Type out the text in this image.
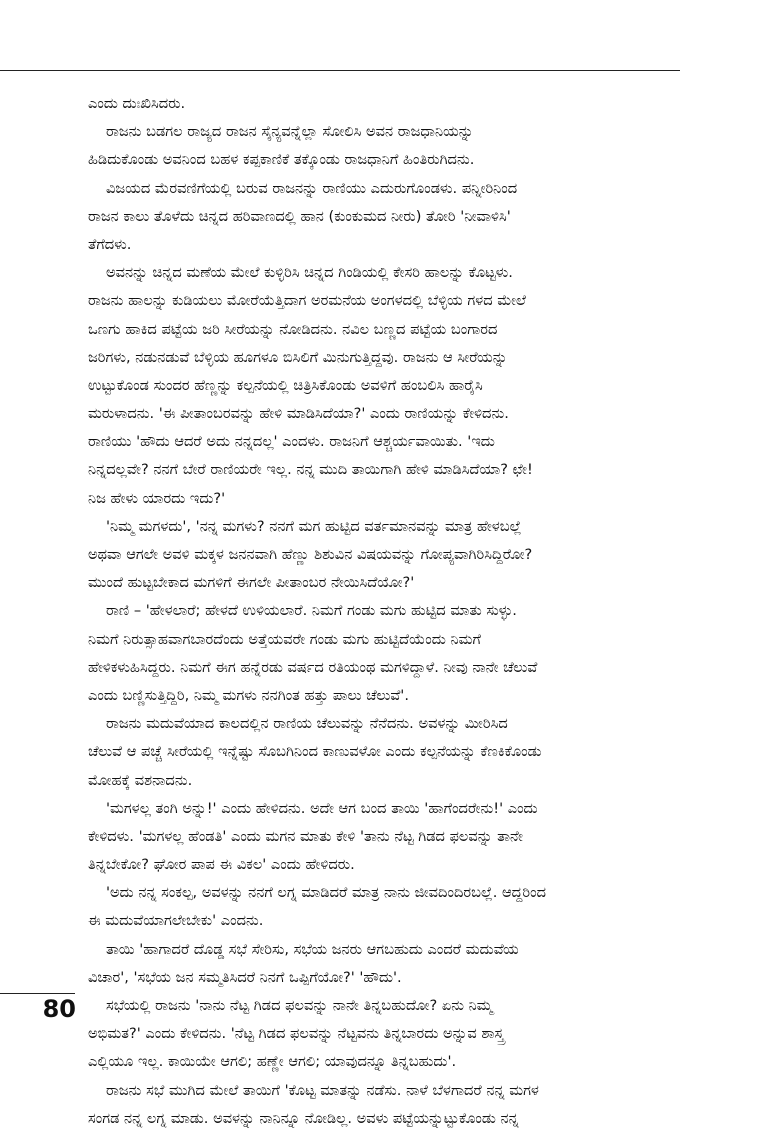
ಎಂದು ದುಃಖಿಸಿದರು.
ರಾಜನು ಬಡಗಲ ರಾಜ್ಯದ ರಾಜನ ಸೈನ್ಯವನ್ನೆಲ್ಲಾ ಸೋಲಿಸಿ ಅವನ ರಾಜಧಾನಿಯನ್ನು
ಹಿಡಿದುಕೊಂಡು ಅವನಿಂದ ಬಹಳ ಕಪ್ಪಕಾಣಿಕೆ ತಕ್ಕೊಂಡು ರಾಜಧಾನಿಗೆ ಹಿಂತಿರುಗಿದನು.
ವಿಜಯದ ಮೆರವಣಿಗೆಯಲ್ಲಿ ಬರುವ ರಾಜನನ್ನು ರಾಣಿಯು ಎದುರುಗೊಂಡಳು. ಪನ್ನೀರಿನಿಂದ
ರಾಜನ ಕಾಲು ತೊಳೆದು ಚಿನ್ನದ ಹರಿವಾಣದಲ್ಲಿ ಹಾನ (ಕುಂಕುಮದ ನೀರು) ತೋರಿ 'ನೀವಾಳಿಸಿ'
ತೆಗೆದಳು.
ಅವನನ್ನು ಚಿನ್ನದ ಮಣೆಯ ಮೇಲೆ ಕುಳ್ಳಿರಿಸಿ ಚಿನ್ನದ ಗಿಂಡಿಯಲ್ಲಿ ಕೇಸರಿ ಹಾಲನ್ನು ಕೊಟ್ಟಳು.
ರಾಜನು ಹಾಲನ್ನು ಕುಡಿಯಲು ಮೋರೆಯೆತ್ತಿದಾಗ ಅರಮನೆಯ ಅಂಗಳದಲ್ಲಿ ಬೆಳ್ಳಿಯ ಗಳದ ಮೇಲೆ
ಒಣಗು ಹಾಕಿದ ಪಟ್ಟೆಯ ಜರಿ ಸೀರೆಯನ್ನು ನೋಡಿದನು. ನವಿಲ ಬಣ್ಣದ ಪಟ್ಟೆಯ ಬಂಗಾರದ
ಜರಿಗಳು, ನಡುನಡುವೆ ಬೆಳ್ಳಿಯ ಹೂಗಳೂ ಬಿಸಿಲಿಗೆ ಮಿನುಗುತ್ತಿದ್ದವು. ರಾಜನು ಆ ಸೀರೆಯನ್ನು
ಉಟ್ಟುಕೊಂಡ ಸುಂದರ ಹೆಣ್ಣನ್ನು ಕಲ್ಪನೆಯಲ್ಲಿ ಚಿತ್ರಿಸಿಕೊಂಡು ಅವಳಿಗೆ ಹಂಬಲಿಸಿ ಹಾರೈಸಿ
ಮರುಳಾದನು. 'ಈ ಪೀತಾಂಬರವನ್ನು ಹೇಳಿ ಮಾಡಿಸಿದೆಯಾ?' ಎಂದು ರಾಣಿಯನ್ನು ಕೇಳಿದನು.
ರಾಣಿಯು 'ಹೌದು ಆದರೆ ಅದು ನನ್ನದಲ್ಲ' ಎಂದಳು. ರಾಜನಿಗೆ ಆಶ್ಚರ್ಯವಾಯಿತು. 'ಇದು
ನಿನ್ನದಲ್ಲವೇ? ನನಗೆ ಬೇರೆ ರಾಣಿಯರೇ ಇಲ್ಲ. ನನ್ನ ಮುದಿ ತಾಯಿಗಾಗಿ ಹೇಳಿ ಮಾಡಿಸಿದೆಯಾ? ಛೇ!
ನಿಜ ಹೇಳು ಯಾರದು ಇದು?'
'ನಿಮ್ಮ ಮಗಳದು', 'ನನ್ನ ಮಗಳು? ನನಗೆ ಮಗ ಹುಟ್ಟಿದ ವರ್ತಮಾನವನ್ನು ಮಾತ್ರ ಹೇಳಬಲ್ಲೆ
ಅಥವಾ ಆಗಲೇ ಅವಳಿ ಮಕ್ಕಳ ಜನನವಾಗಿ ಹೆಣ್ಣು ಶಿಶುವಿನ ವಿಷಯವನ್ನು ಗೋಪ್ಯವಾಗಿರಿಸಿದ್ದಿರೋ?
ಮುಂದೆ ಹುಟ್ಟಬೇಕಾದ ಮಗಳಿಗೆ ಈಗಲೇ ಪೀತಾಂಬರ ನೇಯಿಸಿದೆಯೋ?'
ರಾಣಿ – 'ಹೇಳಲಾರೆ; ಹೇಳದೆ ಉಳಿಯಲಾರೆ. ನಿಮಗೆ ಗಂಡು ಮಗು ಹುಟ್ಟಿದ ಮಾತು ಸುಳ್ಳು.
ನಿಮಗೆ ನಿರುತ್ಸಾಹವಾಗಬಾರದೆಂದು ಅತ್ತೆಯವರೇ ಗಂಡು ಮಗು ಹುಟ್ಟಿದೆಯೆಂದು ನಿಮಗೆ
ಹೇಳಿಕಳುಹಿಸಿದ್ದರು. ನಿಮಗೆ ಈಗ ಹನ್ನೆರಡು ವರ್ಷದ ರತಿಯಂಥ ಮಗಳಿದ್ದಾಳೆ. ನೀವು ನಾನೇ ಚೆಲುವೆ
ಎಂದು ಬಣ್ಣಿಸುತ್ತಿದ್ದಿರಿ, ನಿಮ್ಮ ಮಗಳು ನನಗಿಂತ ಹತ್ತು ಪಾಲು ಚೆಲುವೆ'.
ರಾಜನು ಮದುವೆಯಾದ ಕಾಲದಲ್ಲಿನ ರಾಣಿಯ ಚೆಲುವನ್ನು ನೆನೆದನು. ಅವಳನ್ನು ಮೀರಿಸಿದ
ಚೆಲುವೆ ಆ ಪಚ್ಚೆ ಸೀರೆಯಲ್ಲಿ ಇನ್ನೆಷ್ಟು ಸೊಬಗಿನಿಂದ ಕಾಣುವಳೋ ಎಂದು ಕಲ್ಪನೆಯನ್ನು ಕೆಣಕಿಕೊಂಡು
ಮೋಹಕ್ಕೆ ವಶನಾದನು.
'ಮಗಳಲ್ಲ ತಂಗಿ ಅನ್ನು!' ಎಂದು ಹೇಳಿದನು. ಅದೇ ಆಗ ಬಂದ ತಾಯಿ 'ಹಾಗೆಂದರೇನು!' ಎಂದು
ಕೇಳಿದಳು. 'ಮಗಳಲ್ಲ ಹೆಂಡತಿ' ಎಂದು ಮಗನ ಮಾತು ಕೇಳಿ 'ತಾನು ನೆಟ್ಟ ಗಿಡದ ಫಲವನ್ನು ತಾನೇ
ತಿನ್ನಬೇಕೋ? ಘೋರ ಪಾಪ ಈ ವಿಕಲ' ಎಂದು ಹೇಳಿದರು.
'ಅದು ನನ್ನ ಸಂಕಲ್ಪ, ಅವಳನ್ನು ನನಗೆ ಲಗ್ನ ಮಾಡಿದರೆ ಮಾತ್ರ ನಾನು ಜೀವದಿಂದಿರಬಲ್ಲೆ. ಆದ್ದರಿಂದ
ಈ ಮದುವೆಯಾಗಲೇಬೇಕು' ಎಂದನು.
ತಾಯಿ 'ಹಾಗಾದರೆ ದೊಡ್ಡ ಸಭೆ ಸೇರಿಸು, ಸಭೆಯ ಜನರು ಆಗಬಹುದು ಎಂದರೆ ಮದುವೆಯ
ವಿಚಾರ', 'ಸಭೆಯ ಜನ ಸಮ್ಮತಿಸಿದರೆ ನಿನಗೆ ಒಪ್ಪಿಗೆಯೋ?' 'ಹೌದು'.
ಸಭೆಯಲ್ಲಿ ರಾಜನು 'ನಾನು ನೆಟ್ಟ ಗಿಡದ ಫಲವನ್ನು ನಾನೇ ತಿನ್ನಬಹುದೋ? ಏನು ನಿಮ್ಮ
ಅಭಿಮತ?' ಎಂದು ಕೇಳಿದನು. 'ನೆಟ್ಟ ಗಿಡದ ಫಲವನ್ನು ನೆಟ್ಟವನು ತಿನ್ನಬಾರದು ಅನ್ನುವ ಶಾಸ್ತ್ರ
ಎಲ್ಲಿಯೂ ಇಲ್ಲ. ಕಾಯಿಯೇ ಆಗಲಿ; ಹಣ್ಣೇ ಆಗಲಿ; ಯಾವುದನ್ನೂ ತಿನ್ನಬಹುದು'.
ರಾಜನು ಸಭೆ ಮುಗಿದ ಮೇಲೆ ತಾಯಿಗೆ 'ಕೊಟ್ಟ ಮಾತನ್ನು ನಡೆಸು. ನಾಳೆ ಬೆಳಗಾದರೆ ನನ್ನ ಮಗಳ
ಸಂಗಡ ನನ್ನ ಲಗ್ನ ಮಾಡು. ಅವಳನ್ನು ನಾನಿನ್ನೂ ನೋಡಿಲ್ಲ. ಅವಳು ಪಟ್ಟೆಯನ್ನುಟ್ಟುಕೊಂಡು ನನ್ನ
80
